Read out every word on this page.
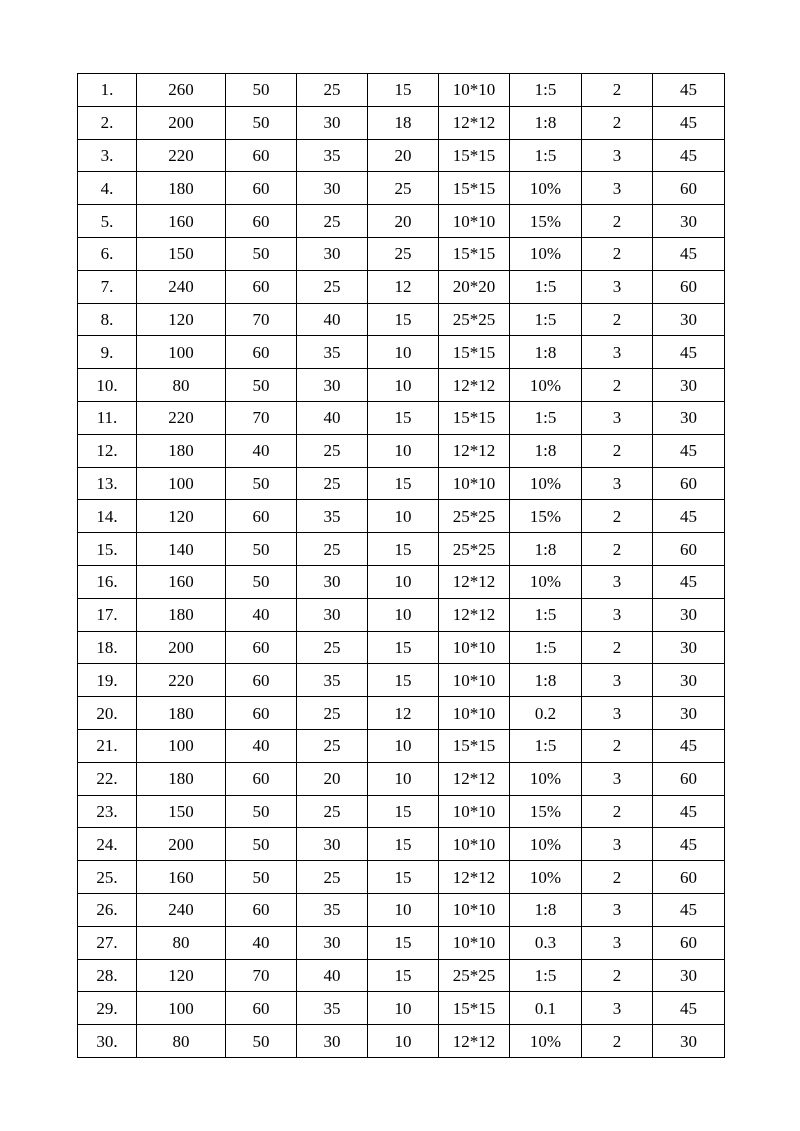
1.	260	50	25	15	10*10	1:5	2	45
2.	200	50	30	18	12*12	1:8	2	45
3.	220	60	35	20	15*15	1:5	3	45
4.	180	60	30	25	15*15	10%	3	60
5.	160	60	25	20	10*10	15%	2	30
6.	150	50	30	25	15*15	10%	2	45
7.	240	60	25	12	20*20	1:5	3	60
8.	120	70	40	15	25*25	1:5	2	30
9.	100	60	35	10	15*15	1:8	3	45
10.	80	50	30	10	12*12	10%	2	30
11.	220	70	40	15	15*15	1:5	3	30
12.	180	40	25	10	12*12	1:8	2	45
13.	100	50	25	15	10*10	10%	3	60
14.	120	60	35	10	25*25	15%	2	45
15.	140	50	25	15	25*25	1:8	2	60
16.	160	50	30	10	12*12	10%	3	45
17.	180	40	30	10	12*12	1:5	3	30
18.	200	60	25	15	10*10	1:5	2	30
19.	220	60	35	15	10*10	1:8	3	30
20.	180	60	25	12	10*10	0.2	3	30
21.	100	40	25	10	15*15	1:5	2	45
22.	180	60	20	10	12*12	10%	3	60
23.	150	50	25	15	10*10	15%	2	45
24.	200	50	30	15	10*10	10%	3	45
25.	160	50	25	15	12*12	10%	2	60
26.	240	60	35	10	10*10	1:8	3	45
27.	80	40	30	15	10*10	0.3	3	60
28.	120	70	40	15	25*25	1:5	2	30
29.	100	60	35	10	15*15	0.1	3	45
30.	80	50	30	10	12*12	10%	2	30
